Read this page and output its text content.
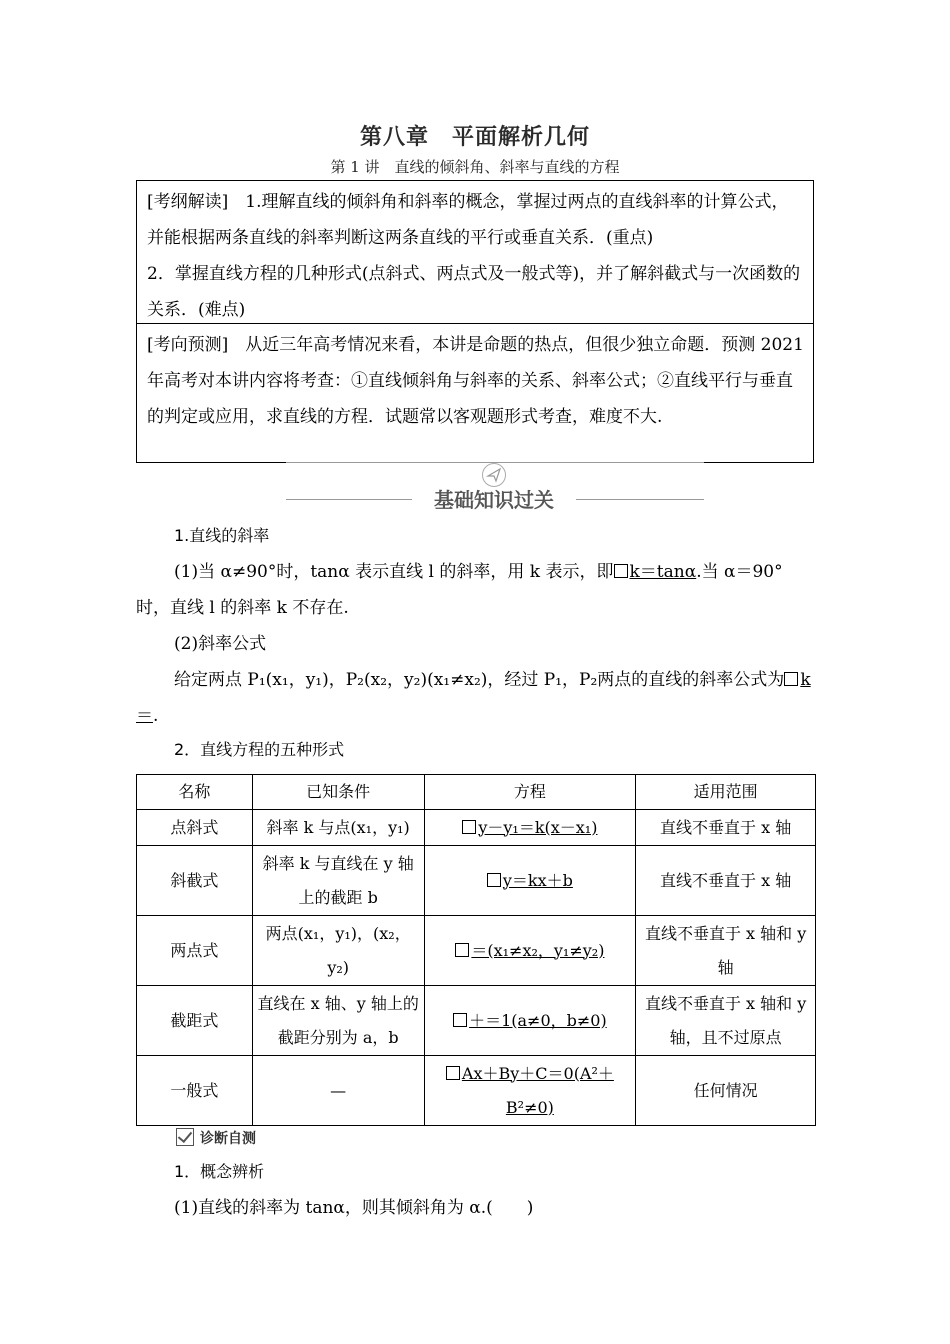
第八章　平面解析几何
第 1 讲　直线的倾斜角、斜率与直线的方程

[考纲解读]　1.理解直线的倾斜角和斜率的概念，掌握过两点的直线斜率的计算公式，并能根据两条直线的斜率判断这两条直线的平行或垂直关系．(重点)

2．掌握直线方程的几种形式(点斜式、两点式及一般式等)，并了解斜截式与一次函数的关系．(难点)

[考向预测]　从近三年高考情况来看，本讲是命题的热点，但很少独立命题．预测 2021 年高考对本讲内容将考查：①直线倾斜角与斜率的关系、斜率公式；②直线平行与垂直的判定或应用，求直线的方程．试题常以客观题形式考查，难度不大.

基础知识过关

1.直线的斜率

(1)当 α≠90°时，tanα 表示直线 l 的斜率，用 k 表示，即 k＝tanα.当 α＝90°时，直线 l 的斜率 k 不存在.

(2)斜率公式

给定两点 P₁(x₁，y₁)，P₂(x₂，y₂)(x₁≠x₂)，经过 P₁，P₂两点的直线的斜率公式为 k＝.

2．直线方程的五种形式

名称	已知条件	方程	适用范围
点斜式	斜率 k 与点(x₁，y₁)	y－y₁＝k(x－x₁)	直线不垂直于 x 轴
斜截式	斜率 k 与直线在 y 轴上的截距 b	y＝kx＋b	直线不垂直于 x 轴
两点式	两点(x₁，y₁)，(x₂，y₂)	＝(x₁≠x₂，y₁≠y₂)	直线不垂直于 x 轴和 y 轴
截距式	直线在 x 轴、y 轴上的截距分别为 a，b	＋＝1(a≠0，b≠0)	直线不垂直于 x 轴和 y 轴，且不过原点
一般式	—	Ax＋By＋C＝0(A²＋B²≠0)	任何情况
诊断自测

1．概念辨析

(1)直线的斜率为 tanα，则其倾斜角为 α.(　　)
